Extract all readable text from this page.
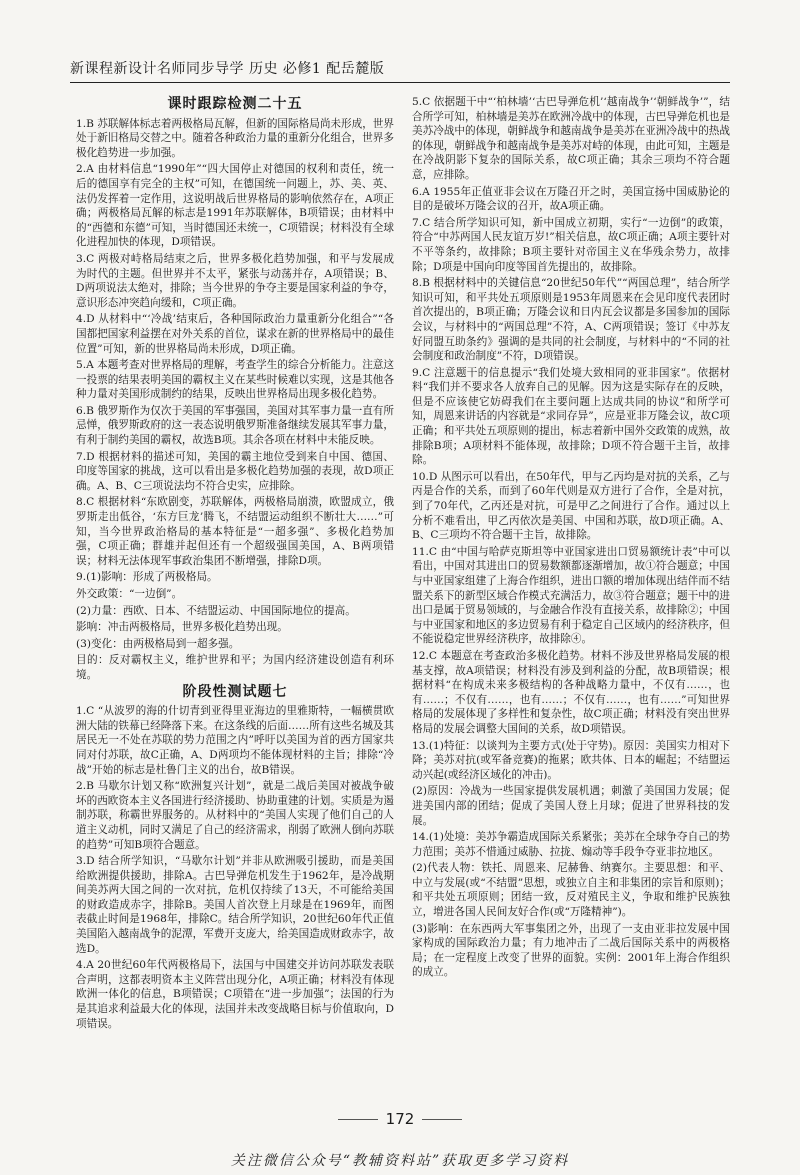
新课程新设计名师同步导学 历史 必修1 配岳麓版
课时跟踪检测二十五
1.B 苏联解体标志着两极格局瓦解，但新的国际格局尚未形成，世界处于新旧格局交替之中。随着各种政治力量的重新分化组合，世界多极化趋势进一步加强。
2.A 由材料信息“1990年”“四大国停止对德国的权利和责任，统一后的德国享有完全的主权”可知，在德国统一问题上，苏、美、英、法仍发挥着一定作用，这说明战后世界格局的影响依然存在，A项正确；两极格局瓦解的标志是1991年苏联解体，B项错误；由材料中的“西德和东德”可知，当时德国还未统一，C项错误；材料没有全球化进程加快的体现，D项错误。
3.C 两极对峙格局结束之后，世界多极化趋势加强，和平与发展成为时代的主题。但世界并不太平，紧张与动荡并存，A项错误；B、D两项说法太绝对，排除；当今世界的争夺主要是国家利益的争夺，意识形态冲突趋向缓和，C项正确。
4.D 从材料中“‘冷战’结束后，各种国际政治力量重新分化组合”“各国都把国家利益摆在对外关系的首位，谋求在新的世界格局中的最佳位置”可知，新的世界格局尚未形成，D项正确。
5.A 本题考查对世界格局的理解，考查学生的综合分析能力。注意这一投票的结果表明美国的霸权主义在某些时候难以实现，这是其他各种力量对美国形成制约的结果，反映出世界格局出现多极化趋势。
6.B 俄罗斯作为仅次于美国的军事强国，美国对其军事力量一直有所忌惮，俄罗斯政府的这一表态说明俄罗斯准备继续发展其军事力量，有利于制约美国的霸权，故选B项。其余各项在材料中未能反映。
7.D 根据材料的描述可知，美国的霸主地位受到来自中国、德国、印度等国家的挑战，这可以看出是多极化趋势加强的表现，故D项正确。A、B、C三项说法均不符合史实，应排除。
8.C 根据材料“东欧剧变，苏联解体，两极格局崩溃，欧盟成立，俄罗斯走出低谷，‘东方巨龙’腾飞，不结盟运动组织不断壮大……”可知，当今世界政治格局的基本特征是“一超多强”、多极化趋势加强，C项正确；群雄并起但还有一个超级强国美国，A、B两项错误；材料无法体现军事政治集团不断增强，排除D项。
9.(1)影响：形成了两极格局。
外交政策：“一边倒”。
(2)力量：西欧、日本、不结盟运动、中国国际地位的提高。
影响：冲击两极格局，世界多极化趋势出现。
(3)变化：由两极格局到一超多强。
目的：反对霸权主义，维护世界和平；为国内经济建设创造有利环境。
阶段性测试题七
1.C “从波罗的海的什切青到亚得里亚海边的里雅斯特，一幅横贯欧洲大陆的铁幕已经降落下来。在这条线的后面……所有这些名城及其居民无一不处在苏联的势力范围之内”呼吁以美国为首的西方国家共同对付苏联，故C正确，A、D两项均不能体现材料的主旨；排除“冷战”开始的标志是杜鲁门主义的出台，故B错误。
2.B 马歇尔计划又称“欧洲复兴计划”，就是二战后美国对被战争破坏的西欧资本主义各国进行经济援助、协助重建的计划。实质是为遏制苏联，称霸世界服务的。从材料中的“美国人实现了他们自己的人道主义动机，同时又满足了自己的经济需求，削弱了欧洲人倒向苏联的趋势”可知B项符合题意。
3.D 结合所学知识，“马歇尔计划”并非从欧洲吸引援助，而是美国给欧洲提供援助，排除A。古巴导弹危机发生于1962年，是冷战期间美苏两大国之间的一次对抗，危机仅持续了13天，不可能给美国的财政造成赤字，排除B。美国人首次登上月球是在1969年，而图表截止时间是1968年，排除C。结合所学知识，20世纪60年代正值美国陷入越南战争的泥潭，军费开支庞大，给美国造成财政赤字，故选D。
4.A 20世纪60年代两极格局下，法国与中国建交并访问苏联发表联合声明，这都表明资本主义阵营出现分化，A项正确；材料没有体现欧洲一体化的信息，B项错误；C项错在“进一步加强”；法国的行为是其追求利益最大化的体现，法国并未改变战略目标与价值取向，D项错误。
5.C 依据题干中“‘柏林墙’‘古巴导弹危机’‘越南战争’‘朝鲜战争’”，结合所学可知，柏林墙是美苏在欧洲冷战中的体现，古巴导弹危机也是美苏冷战中的体现，朝鲜战争和越南战争是美苏在亚洲冷战中的热战的体现，朝鲜战争和越南战争是美苏对峙的体现，由此可知，主题是在冷战阴影下复杂的国际关系，故C项正确；其余三项均不符合题意，应排除。
6.A 1955年正值亚非会议在万隆召开之时，美国宣扬中国威胁论的目的是破坏万隆会议的召开，故A项正确。
7.C 结合所学知识可知，新中国成立初期，实行“一边倒”的政策，符合“中苏两国人民友谊万岁!”相关信息，故C项正确；A项主要针对不平等条约，故排除；B项主要针对帝国主义在华残余势力，故排除；D项是中国向印度等国首先提出的，故排除。
8.B 根据材料中的关键信息“20世纪50年代”“两国总理”，结合所学知识可知，和平共处五项原则是1953年周恩来在会见印度代表团时首次提出的，B项正确；万隆会议和日内瓦会议都是多国参加的国际会议，与材料中的“两国总理”不符，A、C两项错误；签订《中苏友好同盟互助条约》强调的是共同的社会制度，与材料中的“不同的社会制度和政治制度”不符，D项错误。
9.C 注意题干的信息提示“我们处境大致相同的亚非国家”。依据材料“我们并不要求各人放弃自己的见解。因为这是实际存在的反映，但是不应该使它妨碍我们在主要问题上达成共同的协议”和所学可知，周恩来讲话的内容就是“求同存异”，应是亚非万隆会议，故C项正确；和平共处五项原则的提出，标志着新中国外交政策的成熟，故排除B项；A项材料不能体现，故排除；D项不符合题干主旨，故排除。
10.D 从图示可以看出，在50年代，甲与乙丙均是对抗的关系，乙与丙是合作的关系，而到了60年代则是双方进行了合作，全是对抗，到了70年代，乙丙还是对抗，可是甲乙之间进行了合作。通过以上分析不难看出，甲乙丙依次是美国、中国和苏联，故D项正确。A、B、C三项均不符合题干主旨，故排除。
11.C 由“中国与哈萨克斯坦等中亚国家进出口贸易额统计表”中可以看出，中国对其进出口的贸易数额都逐渐增加，故①符合题意；中国与中亚国家组建了上海合作组织，进出口额的增加体现出结伴而不结盟关系下的新型区域合作模式充满活力，故③符合题意；题干中的进出口是属于贸易领域的，与金融合作没有直接关系，故排除②；中国与中亚国家和地区的多边贸易有利于稳定自己区域内的经济秩序，但不能说稳定世界经济秩序，故排除④。
12.C 本题意在考查政治多极化趋势。材料不涉及世界格局发展的根基支撑，故A项错误；材料没有涉及到利益的分配，故B项错误；根据材料“在构成未来多极结构的各种战略力量中，不仅有……，也有……；不仅有……，也有……；不仅有……，也有……”可知世界格局的发展体现了多样性和复杂性，故C项正确；材料没有突出世界格局的发展会调整大国间的关系，故D项错误。
13.(1)特征：以谈判为主要方式(处于守势)。原因：美国实力相对下降；美苏对抗(或军备竞赛)的拖累；欧共体、日本的崛起；不结盟运动兴起(或经济区域化的冲击)。
(2)原因：冷战为一些国家提供发展机遇；刺激了美国国力发展；促进美国内部的团结；促成了美国人登上月球；促进了世界科技的发展。
14.(1)处境：美苏争霸造成国际关系紧张；美苏在全球争夺自己的势力范围；美苏不惜通过威胁、拉拢、煽动等手段争夺亚非拉地区。
(2)代表人物：铁托、周恩来、尼赫鲁、纳赛尔。主要思想：和平、中立与发展(或“不结盟”思想，或独立自主和非集团的宗旨和原则)；和平共处五项原则；团结一致，反对殖民主义，争取和维护民族独立，增进各国人民间友好合作(或“万隆精神”)。
(3)影响：在东西两大军事集团之外，出现了一支由亚非拉发展中国家构成的国际政治力量；有力地冲击了二战后国际关系中的两极格局；在一定程度上改变了世界的面貌。实例：2001年上海合作组织的成立。
172
关注微信公众号“教辅资料站”获取更多学习资料
